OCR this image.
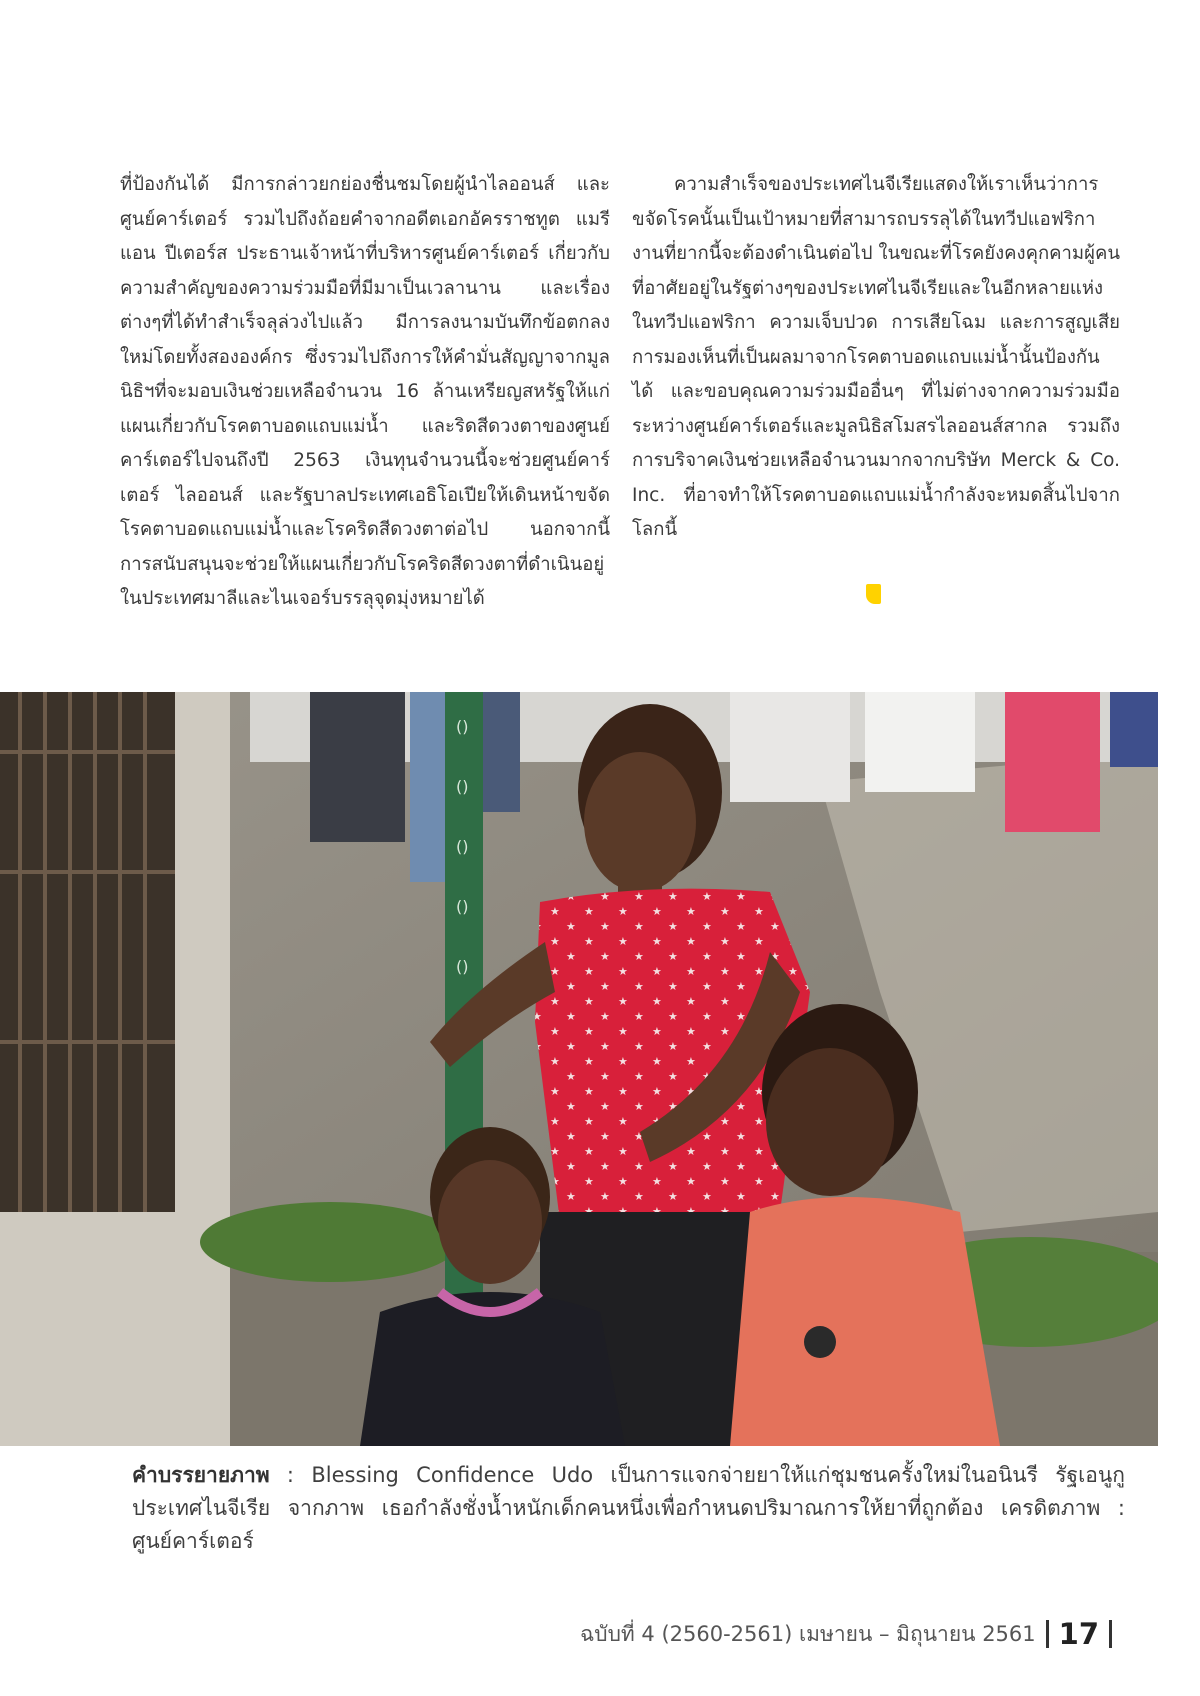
ที่ป้องกันได้ มีการกล่าวยกย่องชื่นชมโดยผู้นำไลออนส์ และศูนย์คาร์เตอร์ รวมไปถึงถ้อยคำจากอดีตเอกอัครราชทูต แมรี แอน ปีเตอร์ส ประธานเจ้าหน้าที่บริหารศูนย์คาร์เตอร์ เกี่ยวกับความสำคัญของความร่วมมือที่มีมาเป็นเวลานาน และเรื่องต่างๆที่ได้ทำสำเร็จลุล่วงไปแล้ว มีการลงนามบันทึกข้อตกลงใหม่โดยทั้งสององค์กร ซึ่งรวมไปถึงการให้คำมั่นสัญญาจากมูลนิธิฯที่จะมอบเงินช่วยเหลือจำนวน 16 ล้านเหรียญสหรัฐให้แก่แผนเกี่ยวกับโรคตาบอดแถบแม่น้ำ และริดสีดวงตาของศูนย์คาร์เตอร์ไปจนถึงปี 2563 เงินทุนจำนวนนี้จะช่วยศูนย์คาร์เตอร์ ไลออนส์ และรัฐบาลประเทศเอธิโอเปียให้เดินหน้าขจัดโรคตาบอดแถบแม่น้ำและโรคริดสีดวงตาต่อไป นอกจากนี้ การสนับสนุนจะช่วยให้แผนเกี่ยวกับโรคริดสีดวงตาที่ดำเนินอยู่ในประเทศมาลีและไนเจอร์บรรลุจุดมุ่งหมายได้

ความสำเร็จของประเทศไนจีเรียแสดงให้เราเห็นว่าการขจัดโรคนั้นเป็นเป้าหมายที่สามารถบรรลุได้ในทวีปแอฟริกา งานที่ยากนี้จะต้องดำเนินต่อไป ในขณะที่โรคยังคงคุกคามผู้คนที่อาศัยอยู่ในรัฐต่างๆของประเทศไนจีเรียและในอีกหลายแห่งในทวีปแอฟริกา ความเจ็บปวด การเสียโฉม และการสูญเสียการมองเห็นที่เป็นผลมาจากโรคตาบอดแถบแม่น้ำนั้นป้องกันได้ และขอบคุณความร่วมมืออื่นๆ ที่ไม่ต่างจากความร่วมมือระหว่างศูนย์คาร์เตอร์และมูลนิธิสโมสรไลออนส์สากล รวมถึงการบริจาคเงินช่วยเหลือจำนวนมากจากบริษัท Merck & Co. Inc. ที่อาจทำให้โรคตาบอดแถบแม่น้ำกำลังจะหมดสิ้นไปจากโลกนี้

()
()
()
()
()
คำบรรยายภาพ : Blessing Confidence Udo เป็นการแจกจ่ายยาให้แก่ชุมชนครั้งใหม่ในอนินรี รัฐเอนูกู ประเทศไนจีเรีย จากภาพ เธอกำลังชั่งน้ำหนักเด็กคนหนึ่งเพื่อกำหนดปริมาณการให้ยาที่ถูกต้อง เครดิตภาพ : ศูนย์คาร์เตอร์
ฉบับที่ 4 (2560-2561) เมษายน – มิถุนายน 2561 17
